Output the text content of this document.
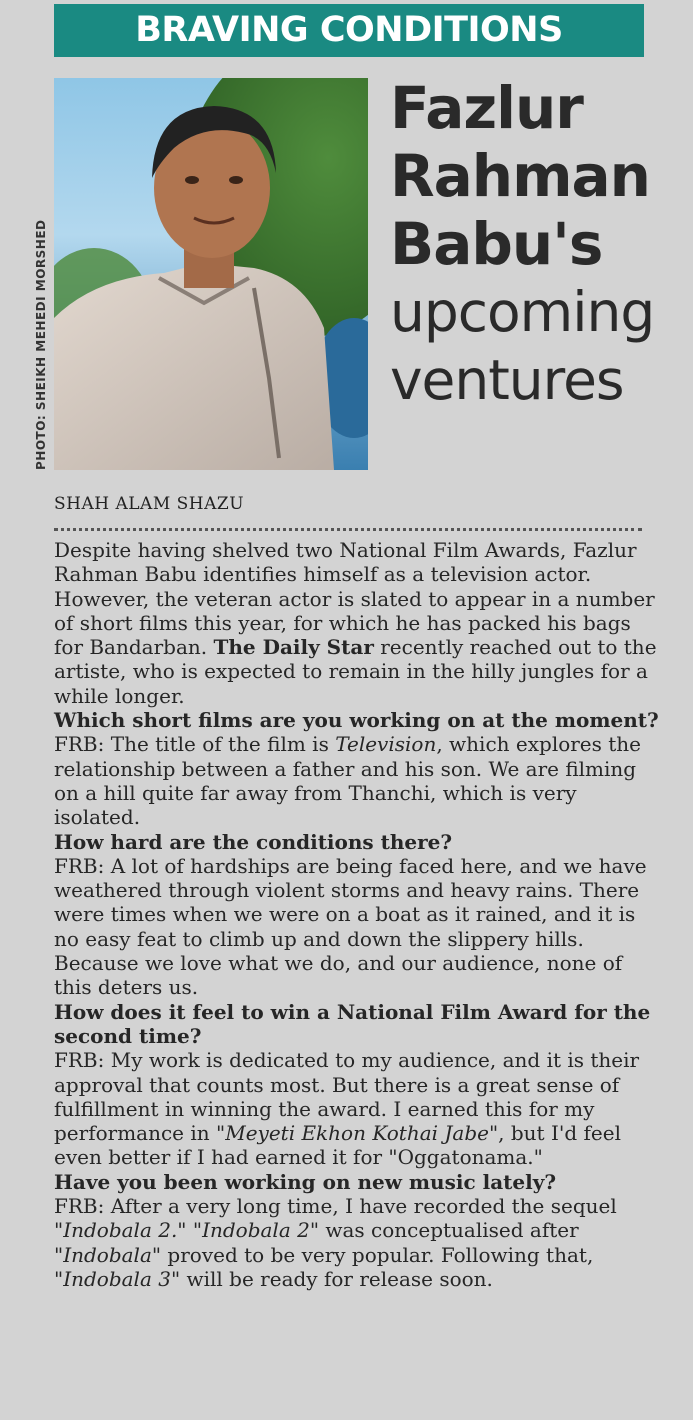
BRAVING CONDITIONS
PHOTO: SHEIKH MEHEDI MORSHED
Fazlur
Rahman
Babu's
upcoming
ventures
SHAH ALAM SHAZU

Despite having shelved two National Film Awards, Fazlur Rahman Babu identifies himself as a television actor. However, the veteran actor is slated to appear in a number of short films this year, for which he has packed his bags for Bandarban. The Daily Star recently reached out to the artiste, who is expected to remain in the hilly jungles for a while longer.

Which short films are you working on at the moment?

FRB: The title of the film is Television, which explores the relationship between a father and his son. We are filming on a hill quite far away from Thanchi, which is very isolated.

How hard are the conditions there?

FRB: A lot of hardships are being faced here, and we have weathered through violent storms and heavy rains. There were times when we were on a boat as it rained, and it is no easy feat to climb up and down the slippery hills. Because we love what we do, and our audience, none of this deters us.

How does it feel to win a National Film Award for the second time?

FRB: My work is dedicated to my audience, and it is their approval that counts most. But there is a great sense of fulfillment in winning the award. I earned this for my performance in "Meyeti Ekhon Kothai Jabe", but I'd feel even better if I had earned it for "Oggatonama."

Have you been working on new music lately?

FRB: After a very long time, I have recorded the sequel "Indobala 2." "Indobala 2" was conceptualised after "Indobala" proved to be very popular. Following that, "Indobala 3" will be ready for release soon.
